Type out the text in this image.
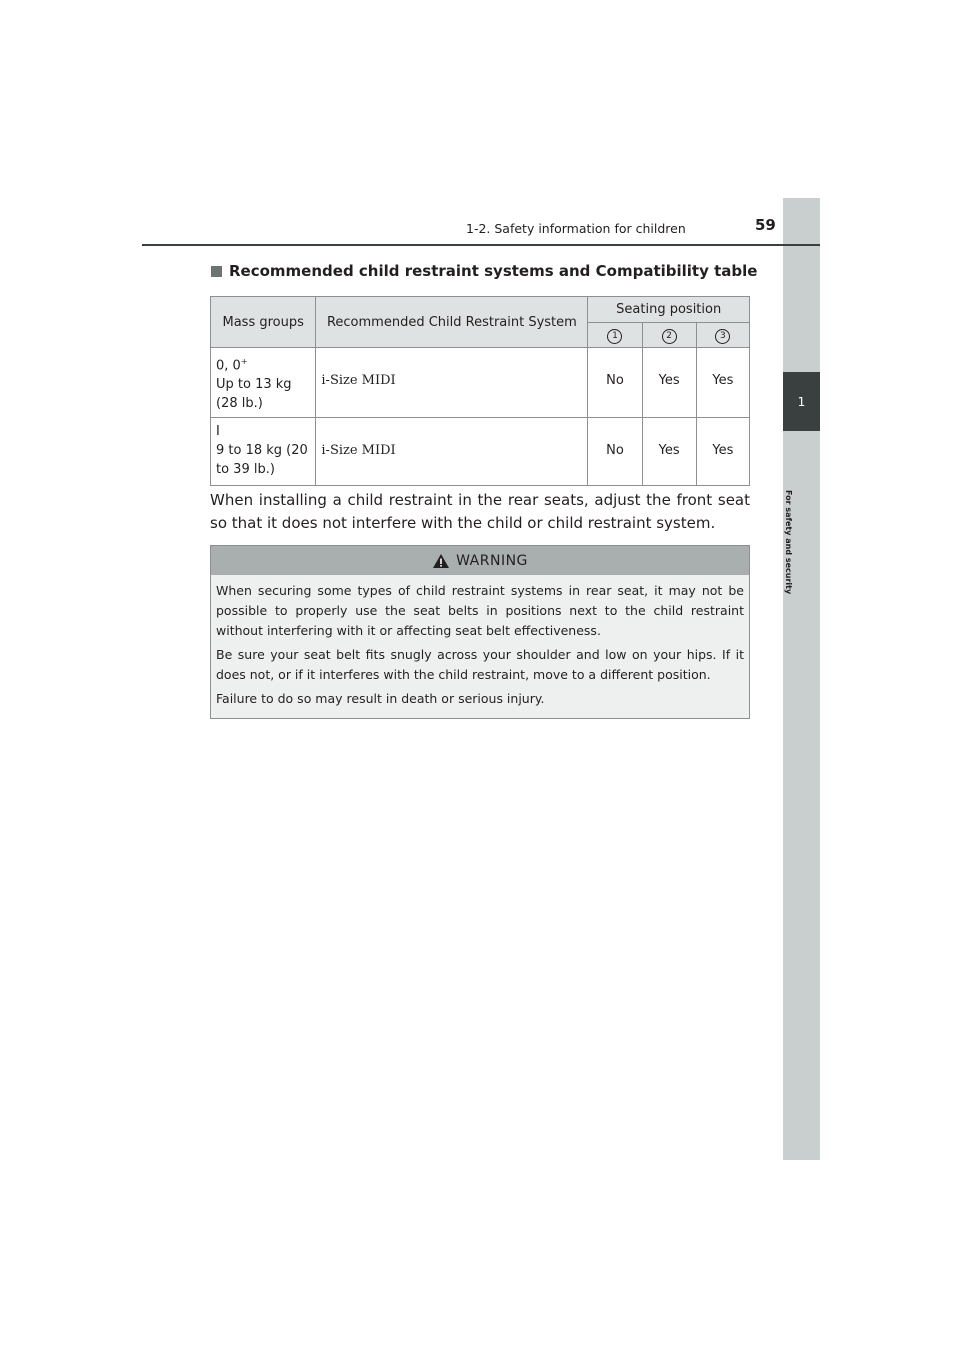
1
For safety and security
1-2. Safety information for children	59
Recommended child restraint systems and Compatibility table
Mass groups	Recommended Child Restraint System	Seating position		
		1	2	3
0, 0+
Up to 13 kg (28 lb.)	i-Size MIDI	No	Yes	Yes
I
9 to 18 kg (20 to 39 lb.)	i-Size MIDI	No	Yes	Yes
When installing a child restraint in the rear seats, adjust the front seat so that it does not interfere with the child or child restraint system.
WARNING

When securing some types of child restraint systems in rear seat, it may not be possible to properly use the seat belts in positions next to the child restraint without interfering with it or affecting seat belt effectiveness.

Be sure your seat belt fits snugly across your shoulder and low on your hips. If it does not, or if it interferes with the child restraint, move to a different position.

Failure to do so may result in death or serious injury.
